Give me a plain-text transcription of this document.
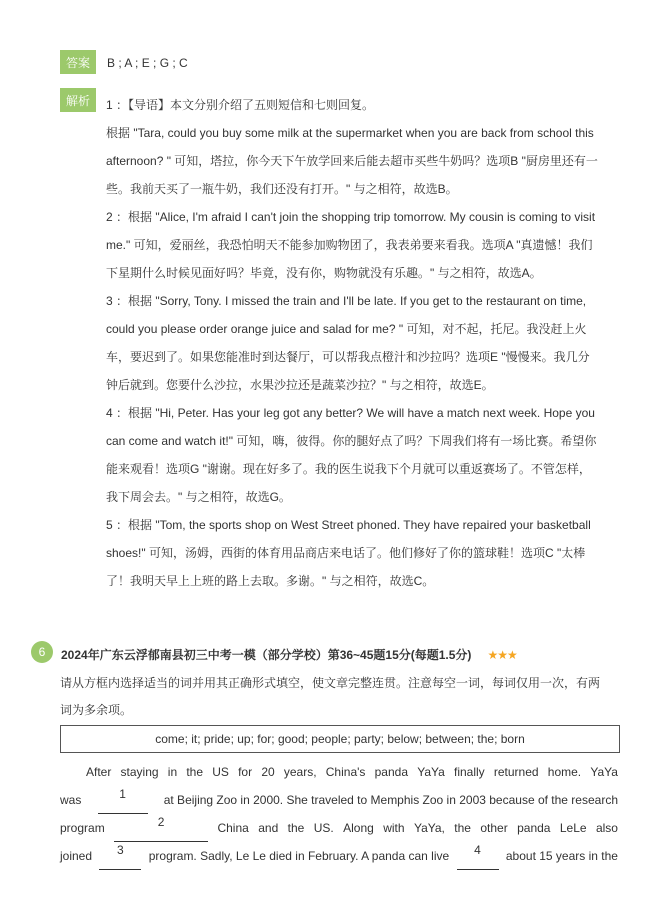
答案	B ; A ; E ; G ; C
解析	1 ：【导语】本文分别介绍了五则短信和七则回复。
根据 "Tara, could you buy some milk at the supermarket when you are back from school this
afternoon? " 可知，塔拉，你今天下午放学回来后能去超市买些牛奶吗？选项B "厨房里还有一
些。我前天买了一瓶牛奶，我们还没有打开。" 与之相符，故选B。
2 ：根据 "Alice, I'm afraid I can't join the shopping trip tomorrow. My cousin is coming to visit
me." 可知，爱丽丝，我恐怕明天不能参加购物团了，我表弟要来看我。选项A "真遗憾！我们
下星期什么时候见面好吗？毕竟，没有你，购物就没有乐趣。" 与之相符，故选A。
3 ：根据 "Sorry, Tony. I missed the train and I'll be late. If you get to the restaurant on time,
could you please order orange juice and salad for me? " 可知，对不起，托尼。我没赶上火
车，要迟到了。如果您能准时到达餐厅，可以帮我点橙汁和沙拉吗？选项E "慢慢来。我几分
钟后就到。您要什么沙拉，水果沙拉还是蔬菜沙拉？" 与之相符，故选E。
4 ：根据 "Hi, Peter. Has your leg got any better? We will have a match next week. Hope you
can come and watch it!" 可知，嗨，彼得。你的腿好点了吗？下周我们将有一场比赛。希望你
能来观看！选项G "谢谢。现在好多了。我的医生说我下个月就可以重返赛场了。不管怎样，
我下周会去。" 与之相符，故选G。
5 ：根据 "Tom, the sports shop on West Street phoned. They have repaired your basketball
shoes!" 可知，汤姆，西街的体育用品商店来电话了。他们修好了你的篮球鞋！选项C "太棒
了！我明天早上上班的路上去取。多谢。" 与之相符，故选C。
6	2024年广东云浮郁南县初三中考一模（部分学校）第36~45题15分(每题1.5分) ★★★
请从方框内选择适当的词并用其正确形式填空，使文章完整连贯。注意每空一词，每词仅用一次，有两
词为多余项。
come; it; pride; up; for; good; people; party; below; between; the; born
After staying in the US for 20 years, China's panda YaYa finally returned home. YaYa
was	1	at Beijing Zoo in 2000. She traveled to Memphis Zoo in 2003 because of the research
program	2	China and the US. Along with YaYa, the other panda LeLe also
joined	3	program. Sadly, Le Le died in February. A panda can live	4	about 15 years in the
